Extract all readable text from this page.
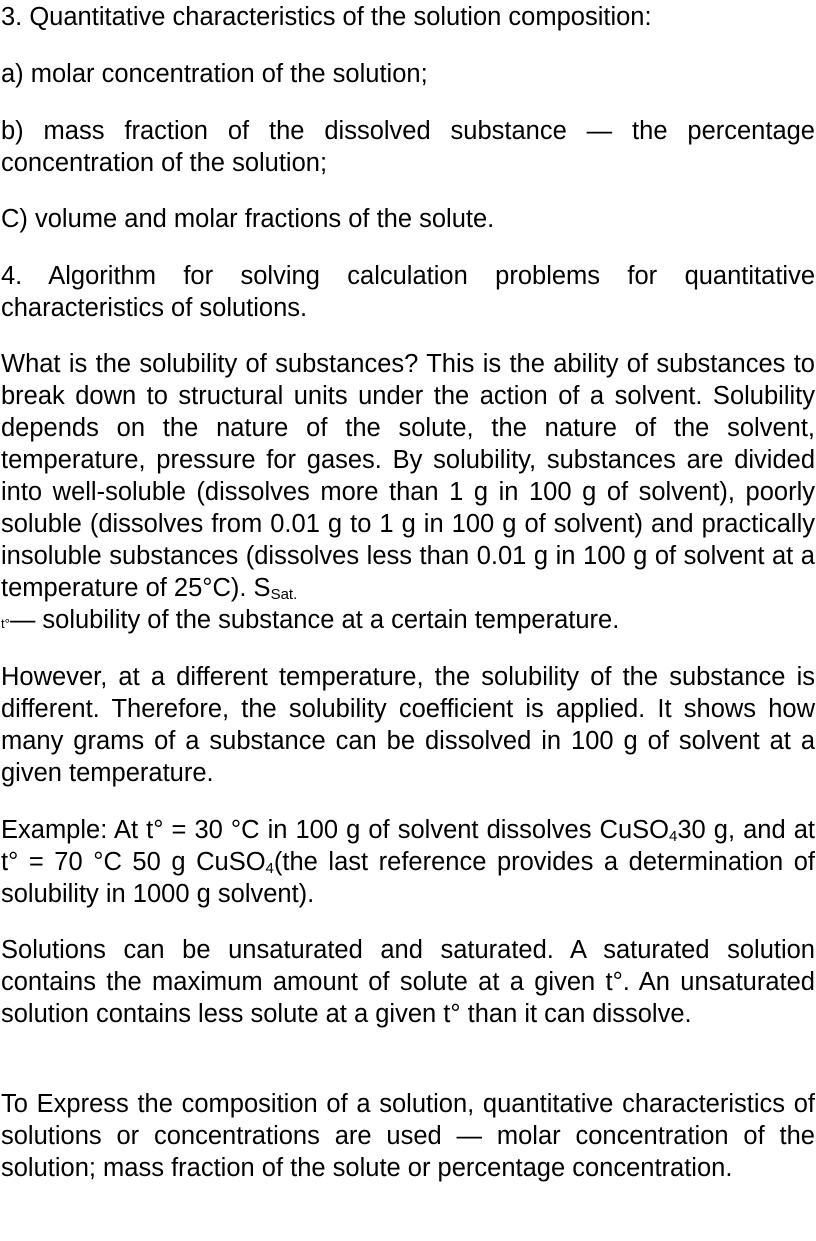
3. Quantitative characteristics of the solution composition:

a) molar concentration of the solution;

b) mass fraction of the dissolved substance — the percentage concentration of the solution;

C) volume and molar fractions of the solute.

4. Algorithm for solving calculation problems for quantitative characteristics of solutions.

What is the solubility of substances? This is the ability of substances to break down to structural units under the action of a solvent. Solubility depends on the nature of the solute, the nature of the solvent, temperature, pressure for gases. By solubility, substances are divided into well-soluble (dissolves more than 1 g in 100 g of solvent), poorly soluble (dissolves from 0.01 g to 1 g in 100 g of solvent) and practically insoluble substances (dissolves less than 0.01 g in 100 g of solvent at a temperature of 25°C). $S_{Sat.}$
t°— solubility of the substance at a certain temperature.

However, at a different temperature, the solubility of the substance is different. Therefore, the solubility coefficient is applied. It shows how many grams of a substance can be dissolved in 100 g of solvent at a given temperature.

Example: At t° = 30 °C in 100 g of solvent dissolves CuSO$_4$30 g, and at t° = 70 °C 50 g CuSO$_4$(the last reference provides a determination of solubility in 1000 g solvent).

Solutions can be unsaturated and saturated. A saturated solution contains the maximum amount of solute at a given t°. An unsaturated solution contains less solute at a given t° than it can dissolve.

To Express the composition of a solution, quantitative characteristics of solutions or concentrations are used — molar concentration of the solution; mass fraction of the solute or percentage concentration.
